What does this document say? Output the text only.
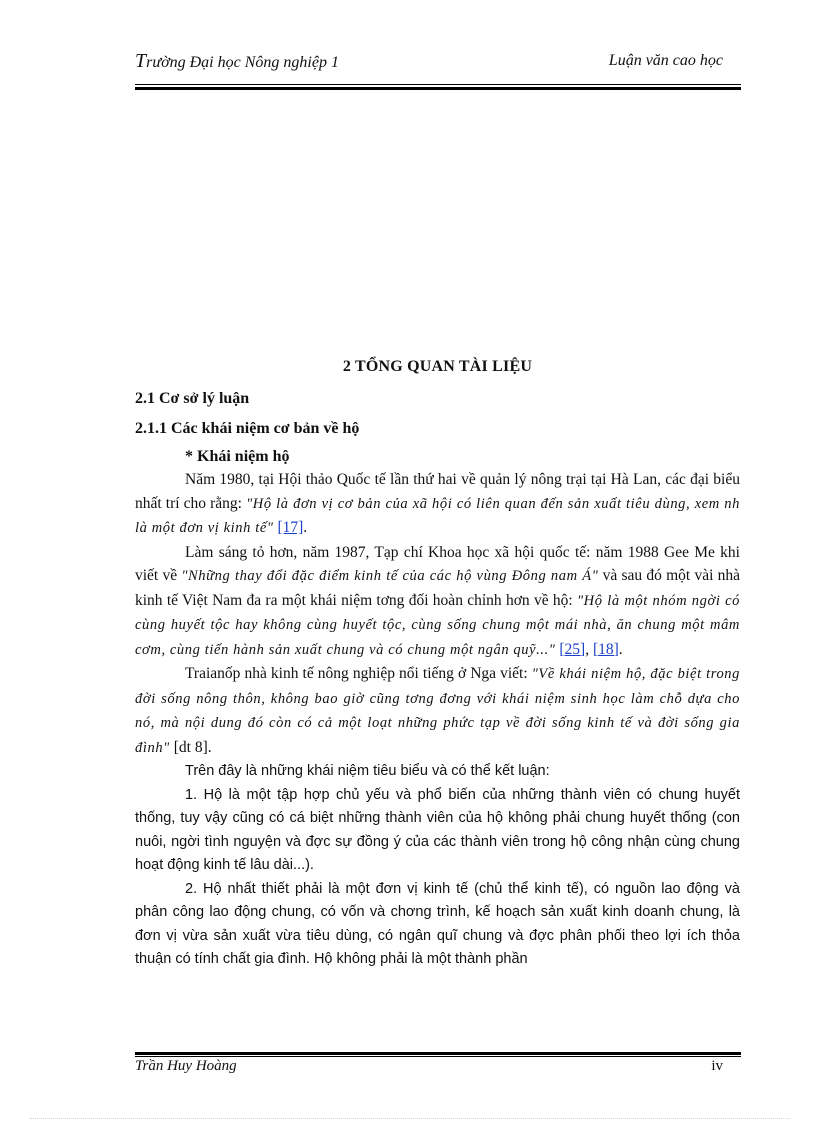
Trường Đại học Nông nghiệp 1	Luận văn cao học
2 TỔNG QUAN TÀI LIỆU
2.1 Cơ sở lý luận
2.1.1 Các khái niệm cơ bản về hộ
* Khái niệm hộ

Năm 1980, tại Hội thảo Quốc tế lần thứ hai về quản lý nông trại tại Hà Lan, các đại biểu nhất trí cho rằng: "Hộ là đơn vị cơ bản của xã hội có liên quan đến sản xuất tiêu dùng, xem nh là một đơn vị kinh tế" [17].

Làm sáng tỏ hơn, năm 1987, Tạp chí Khoa học xã hội quốc tế: năm 1988 Gee Me khi viết về "Những thay đổi đặc điểm kinh tế của các hộ vùng Đông nam Á" và sau đó một vài nhà kinh tế Việt Nam đa ra một khái niệm tơng đối hoàn chỉnh hơn về hộ: "Hộ là một nhóm ngời có cùng huyết tộc hay không cùng huyết tộc, cùng sống chung một mái nhà, ăn chung một mâm cơm, cùng tiến hành sản xuất chung và có chung một ngân quỹ..." [25], [18].

Traianốp nhà kinh tế nông nghiệp nổi tiếng ở Nga viết: "Về khái niệm hộ, đặc biệt trong đời sống nông thôn, không bao giờ cũng tơng đơng với khái niệm sinh học làm chỗ dựa cho nó, mà nội dung đó còn có cả một loạt những phức tạp về đời sống kinh tế và đời sống gia đình" [dt 8].

Trên đây là những khái niệm tiêu biểu và có thể kết luận:

1. Hộ là một tập hợp chủ yếu và phổ biến của những thành viên có chung huyết thống, tuy vậy cũng có cá biệt những thành viên của hộ không phải chung huyết thống (con nuôi, ngời tình nguyện và đợc sự đồng ý của các thành viên trong hộ công nhận cùng chung hoạt động kinh tế lâu dài...).

2. Hộ nhất thiết phải là một đơn vị kinh tế (chủ thể kinh tế), có nguồn lao động và phân công lao động chung, có vốn và chơng trình, kế hoạch sản xuất kinh doanh chung, là đơn vị vừa sản xuất vừa tiêu dùng, có ngân quĩ chung và đợc phân phối theo lợi ích thỏa thuận có tính chất gia đình. Hộ không phải là một thành phần

Trần Huy Hoàng	iv
